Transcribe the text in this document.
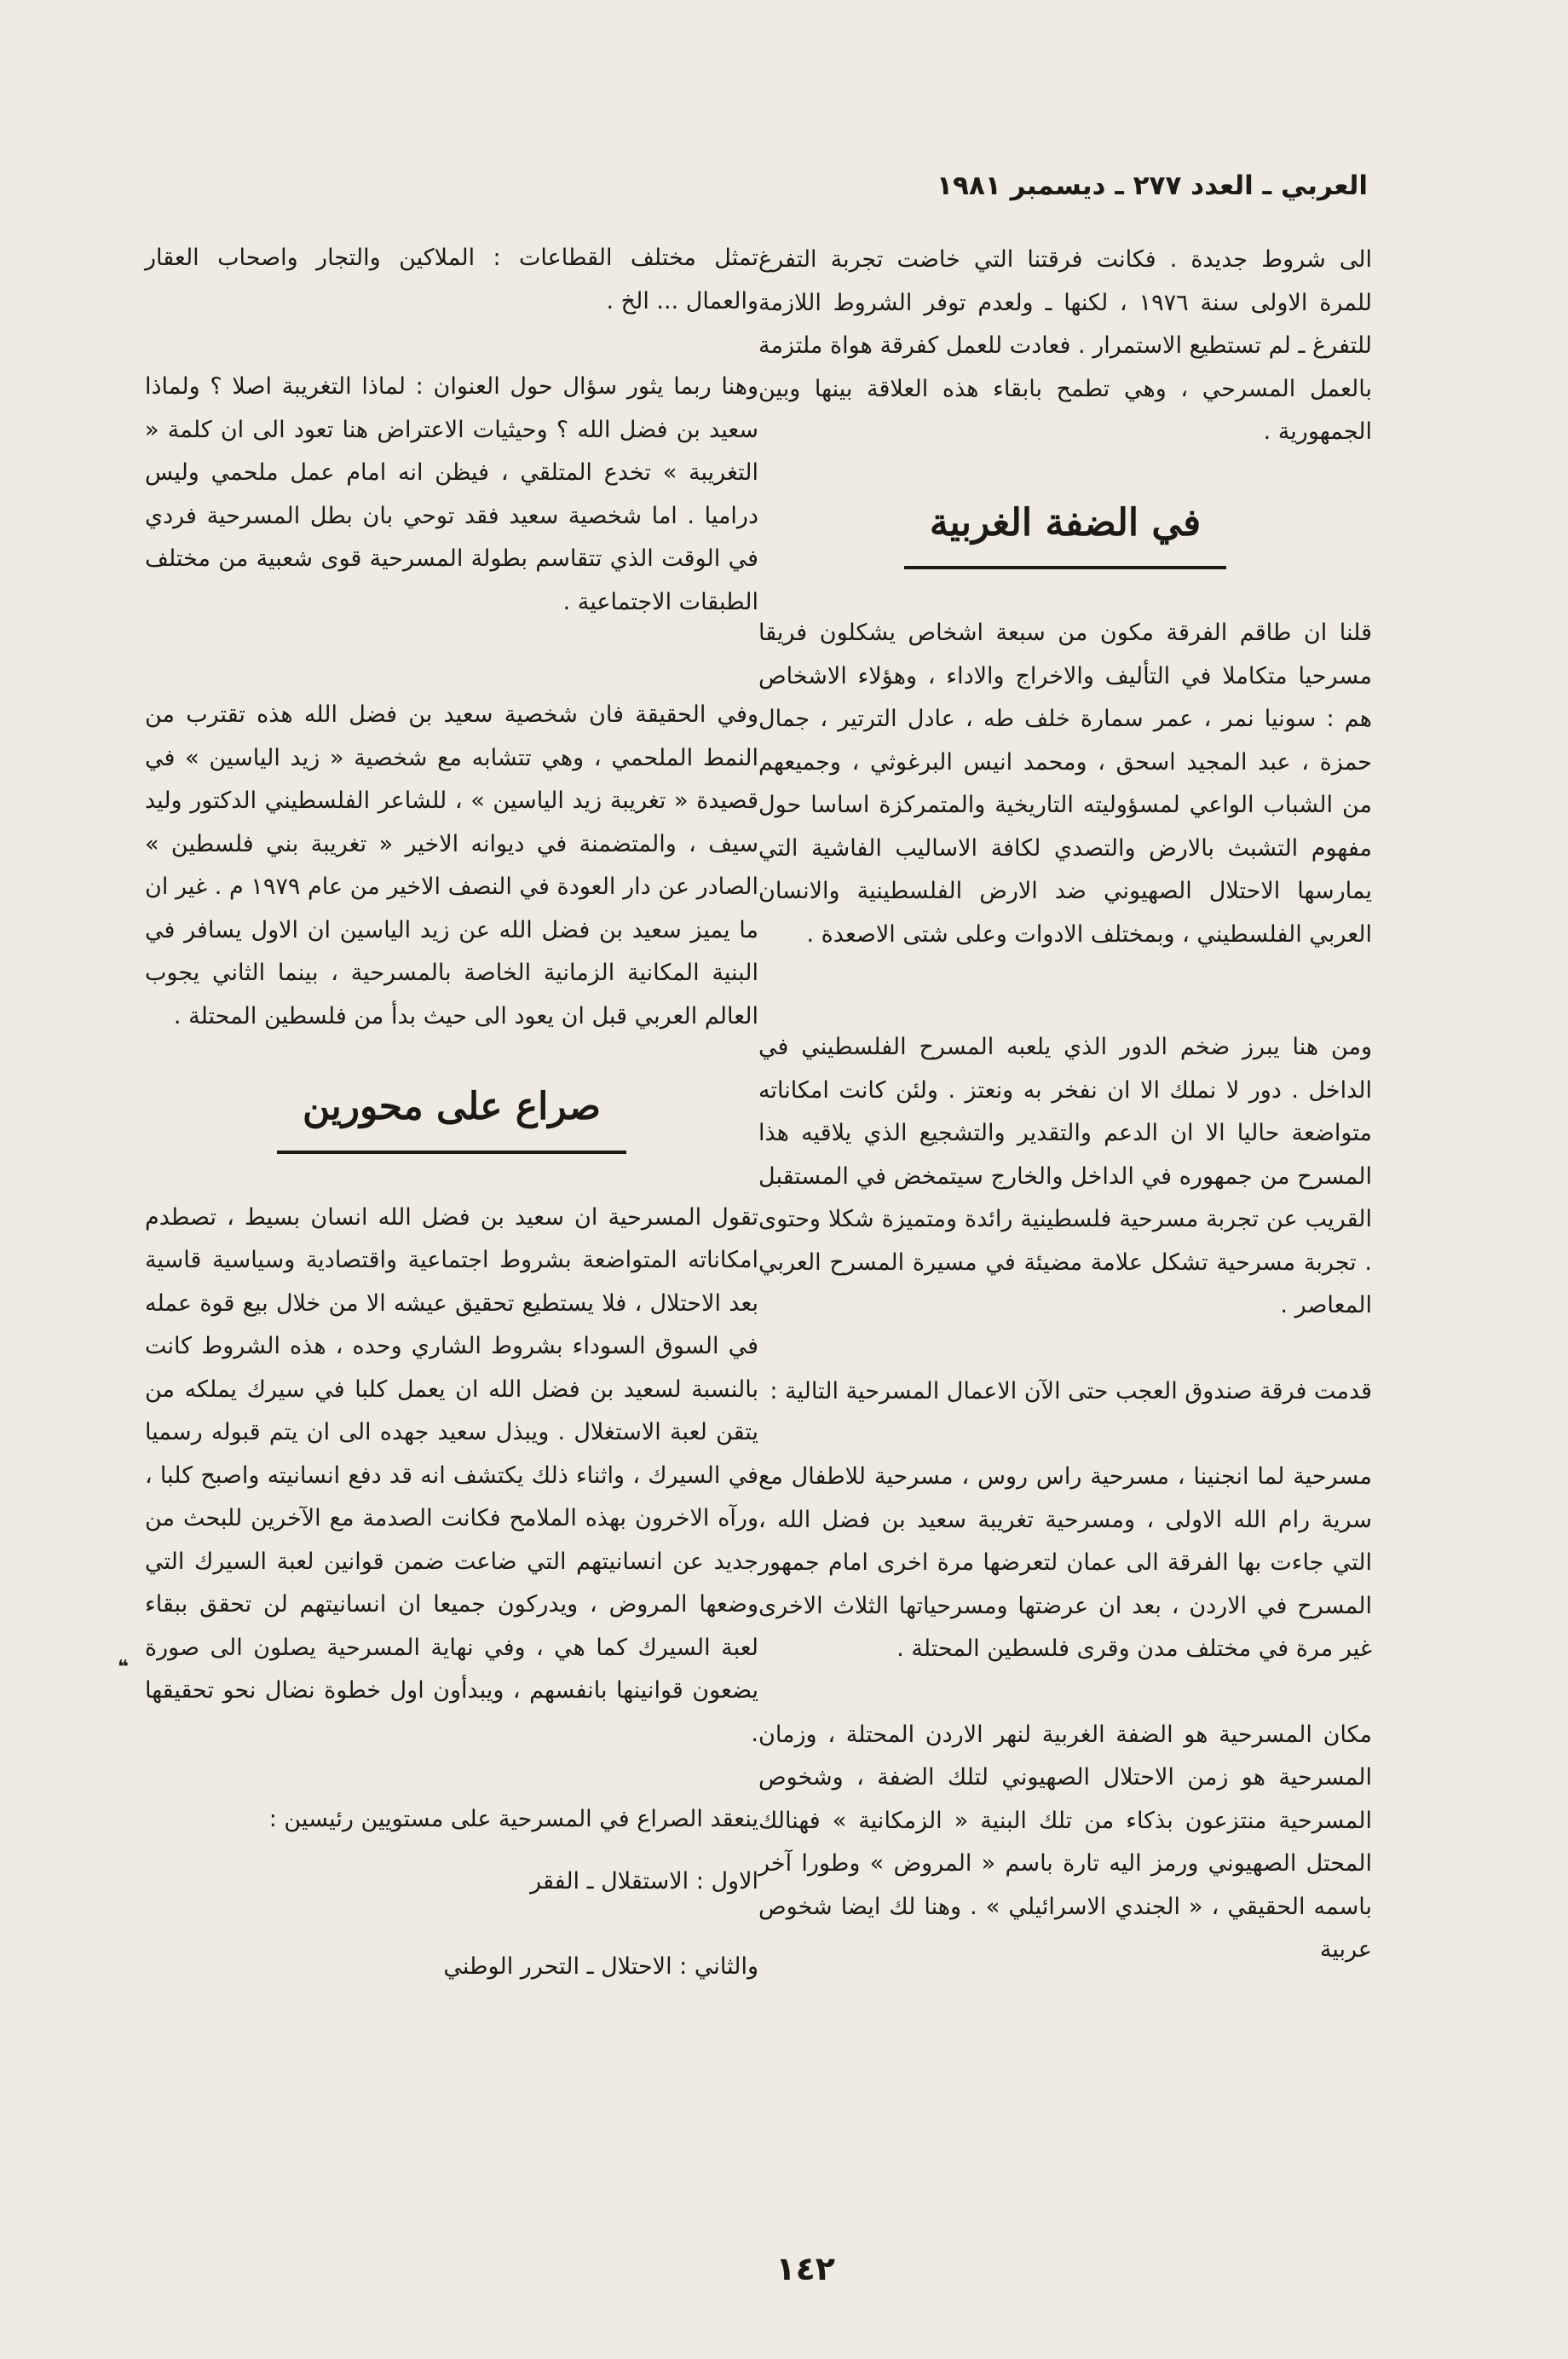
العربي ـ العدد ٢٧٧ ـ ديسمبر ١٩٨١

الى شروط جديدة . فكانت فرقتنا التي خاضت تجربة التفرغ للمرة الاولى سنة ١٩٧٦ ، لكنها ـ ولعدم توفر الشروط اللازمة للتفرغ ـ لم تستطيع الاستمرار . فعادت للعمل كفرقة هواة ملتزمة بالعمل المسرحي ، وهي تطمح بابقاء هذه العلاقة بينها وبين الجمهورية .

في الضفة الغربية

قلنا ان طاقم الفرقة مكون من سبعة اشخاص يشكلون فريقا مسرحيا متكاملا في التأليف والاخراج والاداء ، وهؤلاء الاشخاص هم : سونيا نمر ، عمر سمارة خلف طه ، عادل الترتير ، جمال حمزة ، عبد المجيد اسحق ، ومحمد انيس البرغوثي ، وجميعهم من الشباب الواعي لمسؤوليته التاريخية والمتمركزة اساسا حول مفهوم التشبث بالارض والتصدي لكافة الاساليب الفاشية التي يمارسها الاحتلال الصهيوني ضد الارض الفلسطينية والانسان العربي الفلسطيني ، وبمختلف الادوات وعلى شتى الاصعدة .

ومن هنا يبرز ضخم الدور الذي يلعبه المسرح الفلسطيني في الداخل . دور لا نملك الا ان نفخر به ونعتز . ولئن كانت امكاناته متواضعة حاليا الا ان الدعم والتقدير والتشجيع الذي يلاقيه هذا المسرح من جمهوره في الداخل والخارج سيتمخض في المستقبل القريب عن تجربة مسرحية فلسطينية رائدة ومتميزة شكلا وحتوى . تجربة مسرحية تشكل علامة مضيئة في مسيرة المسرح العربي المعاصر .

قدمت فرقة صندوق العجب حتى الآن الاعمال المسرحية التالية :

مسرحية لما انجنينا ، مسرحية راس روس ، مسرحية للاطفال مع سرية رام الله الاولى ، ومسرحية تغريبة سعيد بن فضل الله ، التي جاءت بها الفرقة الى عمان لتعرضها مرة اخرى امام جمهور المسرح في الاردن ، بعد ان عرضتها ومسرحياتها الثلاث الاخرى غير مرة في مختلف مدن وقرى فلسطين المحتلة .

مكان المسرحية هو الضفة الغربية لنهر الاردن المحتلة ، وزمان المسرحية هو زمن الاحتلال الصهيوني لتلك الضفة ، وشخوص المسرحية منتزعون بذكاء من تلك البنية « الزمكانية » فهنالك المحتل الصهيوني ورمز اليه تارة باسم « المروض » وطورا آخر باسمه الحقيقي ، « الجندي الاسرائيلي » . وهنا لك ايضا شخوص عربية

تمثل مختلف القطاعات : الملاكين والتجار واصحاب العقار والعمال ... الخ .

وهنا ربما يثور سؤال حول العنوان : لماذا التغريبة اصلا ؟ ولماذا سعيد بن فضل الله ؟ وحيثيات الاعتراض هنا تعود الى ان كلمة « التغريبة » تخدع المتلقي ، فيظن انه امام عمل ملحمي وليس دراميا . اما شخصية سعيد فقد توحي بان بطل المسرحية فردي في الوقت الذي تتقاسم بطولة المسرحية قوى شعبية من مختلف الطبقات الاجتماعية .

وفي الحقيقة فان شخصية سعيد بن فضل الله هذه تقترب من النمط الملحمي ، وهي تتشابه مع شخصية « زيد الياسين » في قصيدة « تغريبة زيد الياسين » ، للشاعر الفلسطيني الدكتور وليد سيف ، والمتضمنة في ديوانه الاخير « تغريبة بني فلسطين » الصادر عن دار العودة في النصف الاخير من عام ١٩٧٩ م . غير ان ما يميز سعيد بن فضل الله عن زيد الياسين ان الاول يسافر في البنية المكانية الزمانية الخاصة بالمسرحية ، بينما الثاني يجوب العالم العربي قبل ان يعود الى حيث بدأ من فلسطين المحتلة .

صراع على محورين

تقول المسرحية ان سعيد بن فضل الله انسان بسيط ، تصطدم امكاناته المتواضعة بشروط اجتماعية واقتصادية وسياسية قاسية بعد الاحتلال ، فلا يستطيع تحقيق عيشه الا من خلال بيع قوة عمله في السوق السوداء بشروط الشاري وحده ، هذه الشروط كانت بالنسبة لسعيد بن فضل الله ان يعمل كلبا في سيرك يملكه من يتقن لعبة الاستغلال . ويبذل سعيد جهده الى ان يتم قبوله رسميا في السيرك ، واثناء ذلك يكتشف انه قد دفع انسانيته واصبح كلبا ، ورآه الاخرون بهذه الملامح فكانت الصدمة مع الآخرين للبحث من جديد عن انسانيتهم التي ضاعت ضمن قوانين لعبة السيرك التي وضعها المروض ، ويدركون جميعا ان انسانيتهم لن تحقق ببقاء لعبة السيرك كما هي ، وفي نهاية المسرحية يصلون الى صورة يضعون قوانينها بانفسهم ، ويبدأون اول خطوة نضال نحو تحقيقها .

ينعقد الصراع في المسرحية على مستويين رئيسين :

الاول : الاستقلال ـ الفقر

والثاني : الاحتلال ـ التحرر الوطني

❝
١٤٢
